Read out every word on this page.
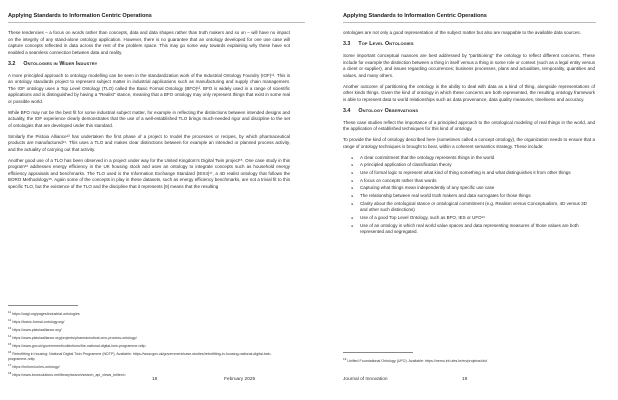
Applying Standards to Information Centric Operations

These tendencies – a focus on words rather than concepts, data and data shapes rather than truth makers and so on – will have no impact on the integrity of any stand-alone ontology application. However, there is no guarantee that an ontology developed for one use case will capture concepts reflected in data across the rest of the problem space. This may go some way towards explaining why these have not enabled a seamless connection between data and reality.

3.2 Ontologies in Wider Industry

A more principled approach to ontology modelling can be seen in the standardization work of the Industrial Ontology Foundry (IOF)¹¹. This is an ontology standards project to represent subject matter in industrial applications such as manufacturing and supply chain management. The IOF ontology uses a Top Level Ontology (TLO) called the Basic Formal Ontology (BFO)¹². BFO is widely used in a range of scientific applications and is distinguished by having a "Realist" stance, meaning that a BFO ontology may only represent things that exist in some real or possible world.

While BFO may not be the best fit for some industrial subject matter, for example in reflecting the distinctions between intended designs and actuality, the IOF experience clearly demonstrates that the use of a well-established TLO brings much-needed rigor and discipline to the set of ontologies that are developed under this standard.

Similarly the Pistoia Alliance¹³ has undertaken the first phase of a project to model the processes or recipes, by which pharmaceutical products are manufactured¹⁴. This uses a TLO and makes clear distinctions between for example an intended or planned process activity, and the actuality of carrying out that activity.

Another good use of a TLO has been observed in a project under way for the United Kingdom's Digital Twin project¹⁵. One case study in this program¹⁶ addresses energy efficiency in the UK housing stock and uses an ontology to integrate concepts such as household energy efficiency appraisals and benchmarks. The TLO used is the Information Exchange Standard (IES4)¹⁷, a 4D realist ontology that follows the BORO Methodology¹⁸. Again some of the concepts in play in these datasets, such as energy efficiency benchmarks, are not a trivial fit to this specific TLO, but the existence of the TLO and the discipline that it represents [9] means that the resulting

$^{11}$ https://oagi.org/pages/industrial-ontologies
$^{12}$ https://basic-formal-ontology.org/
$^{13}$ https://www.pistoiaalliance.org/
$^{14}$ https://www.pistoiaalliance.org/projects/pharmaceutical-cmc-process-ontology/
$^{15}$ https://www.gov.uk/government/collections/the-national-digital-twin-programme-ndtp
$^{16}$ Retrofitting in housing: National Digital Twin Programme (NDTP). Available: https://www.gov.uk/government/case-studies/retrofitting-in-housing-national-digital-twin-programme-ndtp
$^{17}$ https://hellomi.io/ies-ontology/
$^{18}$ https://www.borosolutions.net/library/search/search_api_views_fulltext=
18	February 2025
Applying Standards to Information Centric Operations

ontologies are not only a good representation of the subject matter but also are mappable to the available data sources.

3.3 Top Level Ontologies

Some important conceptual nuances are best addressed by "partitioning" the ontology to reflect different concerns. These include for example the distinction between a thing in itself versus a thing in some role or context (such as a legal entity versus a client or supplier), and issues regarding occurrences; business processes, plans and actualities, temporality, quantities and values, and many others.

Another outcome of partitioning the ontology is the ability to deal with data as a kind of thing, alongside representations of other kinds things. Given the kind of ontology in which these concerns are both represented, the resulting ontology framework is able to represent data to world relationships such as data provenance, data quality measures, timeliness and accuracy.

3.4 Ontology Observations

These case studies reflect the importance of a principled approach to the ontological modeling of real things in the world, and the application of established techniques for this kind of ontology.

To provide the kind of ontology described here (sometimes called a concept ontology), the organization needs to ensure that a range of ontology techniques is brought to bear, within a coherent semantics strategy. These include:

● A clear commitment that the ontology represents things in the world
● A principled application of classification theory
● Use of formal logic to represent what kind of thing something is and what distinguishes it from other things
● A focus on concepts rather than words
● Capturing what things mean independently of any specific use case
● The relationship between real world truth makers and data surrogates for those things
● Clarity about the ontological stance or ontological commitment (e.g. Realism versus Conceptualism, 4D versus 3D and other such distinctions)
● Use of a good Top Level Ontology, such as BFO, IES or UFO¹⁹
● Use of an ontology in which real world value spaces and data representing measures of those values are both represented and segregated.
$^{19}$ Unified Foundational Ontology (UFO). Available: https://nemo.inf.ufes.br/en/projetos/ufo/
Journal of Innovation	19
